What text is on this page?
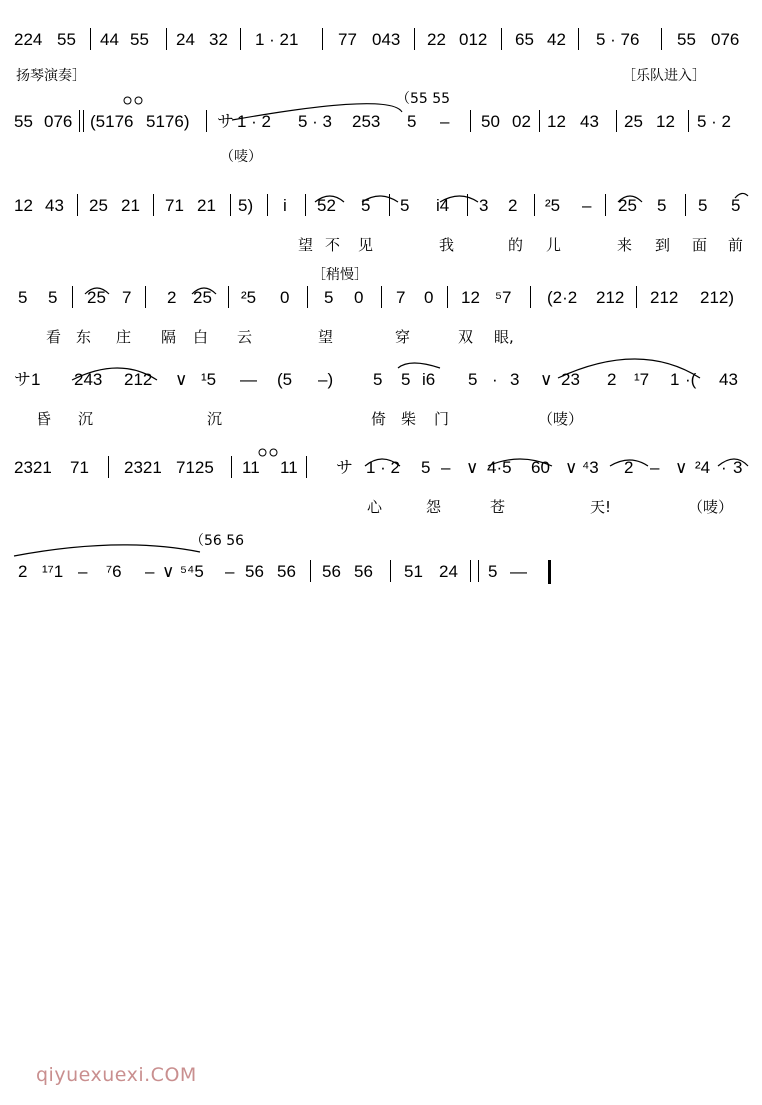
224 55 44 55 24 32 1 · 21 77 043 22 012 65 42 5 · 76 55 076
扬琴演奏］	［乐队进入］
55 076 (5176 5176) サ 1 · 2 5 · 3 253 5 – 50 02 12 43 25 12 5 · 2
（55 55
（唛）
12 43 25 21 71 21 5) i 52 5 5 i4 3 2 ²5 – 25 5 5 5
望 不 见	我	的 儿	来 到 面 前
5 5 25 7 2 25 ²5 0 5 0 7 0 12 ⁵7 (2·2 212 212 212)
看 东 庄 隔 白 云	望	穿	双 眼,
［稍慢］
サ1 243 212 ∨ ¹5 — (5 –) 5 5 i6 5 · 3 ∨ 23 2 ¹7 1 ·( 43
昏 沉	沉	倚 柴 门	（唛）
2321 71 2321 7125 11 11 サ 1 · 2 5 – ∨ 4·5 60 ∨ ⁴3 2 – ∨ ²4 · 3
心	怨	苍	天!	（唛）
2 ¹⁷1 – ⁷6 – ∨ ⁵⁴5 – 56 56 56 56 51 24 5 —
（56 56
qiyuexuexi.COM
